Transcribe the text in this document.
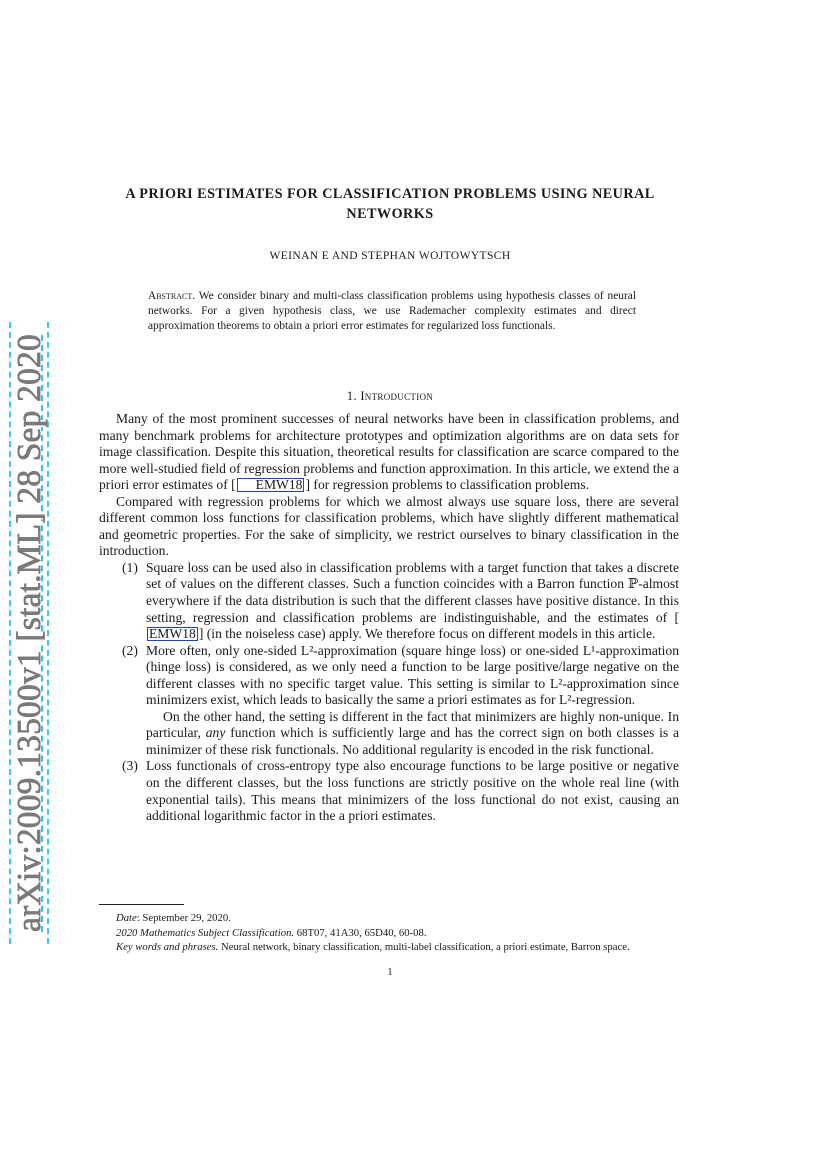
arXiv:2009.13500v1 [stat.ML] 28 Sep 2020
A PRIORI ESTIMATES FOR CLASSIFICATION PROBLEMS USING NEURAL NETWORKS
WEINAN E AND STEPHAN WOJTOWYTSCH
Abstract. We consider binary and multi-class classification problems using hypothesis classes of neural networks. For a given hypothesis class, we use Rademacher complexity estimates and direct approximation theorems to obtain a priori error estimates for regularized loss functionals.
1. Introduction

Many of the most prominent successes of neural networks have been in classification problems, and many benchmark problems for architecture prototypes and optimization algorithms are on data sets for image classification. Despite this situation, theoretical results for classification are scarce compared to the more well-studied field of regression problems and function approximation. In this article, we extend the a priori error estimates of [ EMW18 ] for regression problems to classification problems.

Compared with regression problems for which we almost always use square loss, there are several different common loss functions for classification problems, which have slightly different mathematical and geometric properties. For the sake of simplicity, we restrict ourselves to binary classification in the introduction.

(1) Square loss can be used also in classification problems with a target function that takes a discrete set of values on the different classes. Such a function coincides with a Barron function ℙ-almost everywhere if the data distribution is such that the different classes have positive distance. In this setting, regression and classification problems are indistinguishable, and the estimates of [EMW18 ] (in the noiseless case) apply. We therefore focus on different models in this article.

(2) More often, only one-sided L²-approximation (square hinge loss) or one-sided L¹-approximation (hinge loss) is considered, as we only need a function to be large positive/large negative on the different classes with no specific target value. This setting is similar to L²-approximation since minimizers exist, which leads to basically the same a priori estimates as for L²-regression.

On the other hand, the setting is different in the fact that minimizers are highly non-unique. In particular, any function which is sufficiently large and has the correct sign on both classes is a minimizer of these risk functionals. No additional regularity is encoded in the risk functional.

(3) Loss functionals of cross-entropy type also encourage functions to be large positive or negative on the different classes, but the loss functions are strictly positive on the whole real line (with exponential tails). This means that minimizers of the loss functional do not exist, causing an additional logarithmic factor in the a priori estimates.

Date: September 29, 2020.

2020 Mathematics Subject Classification. 68T07, 41A30, 65D40, 60-08.

Key words and phrases. Neural network, binary classification, multi-label classification, a priori estimate, Barron space.

1
